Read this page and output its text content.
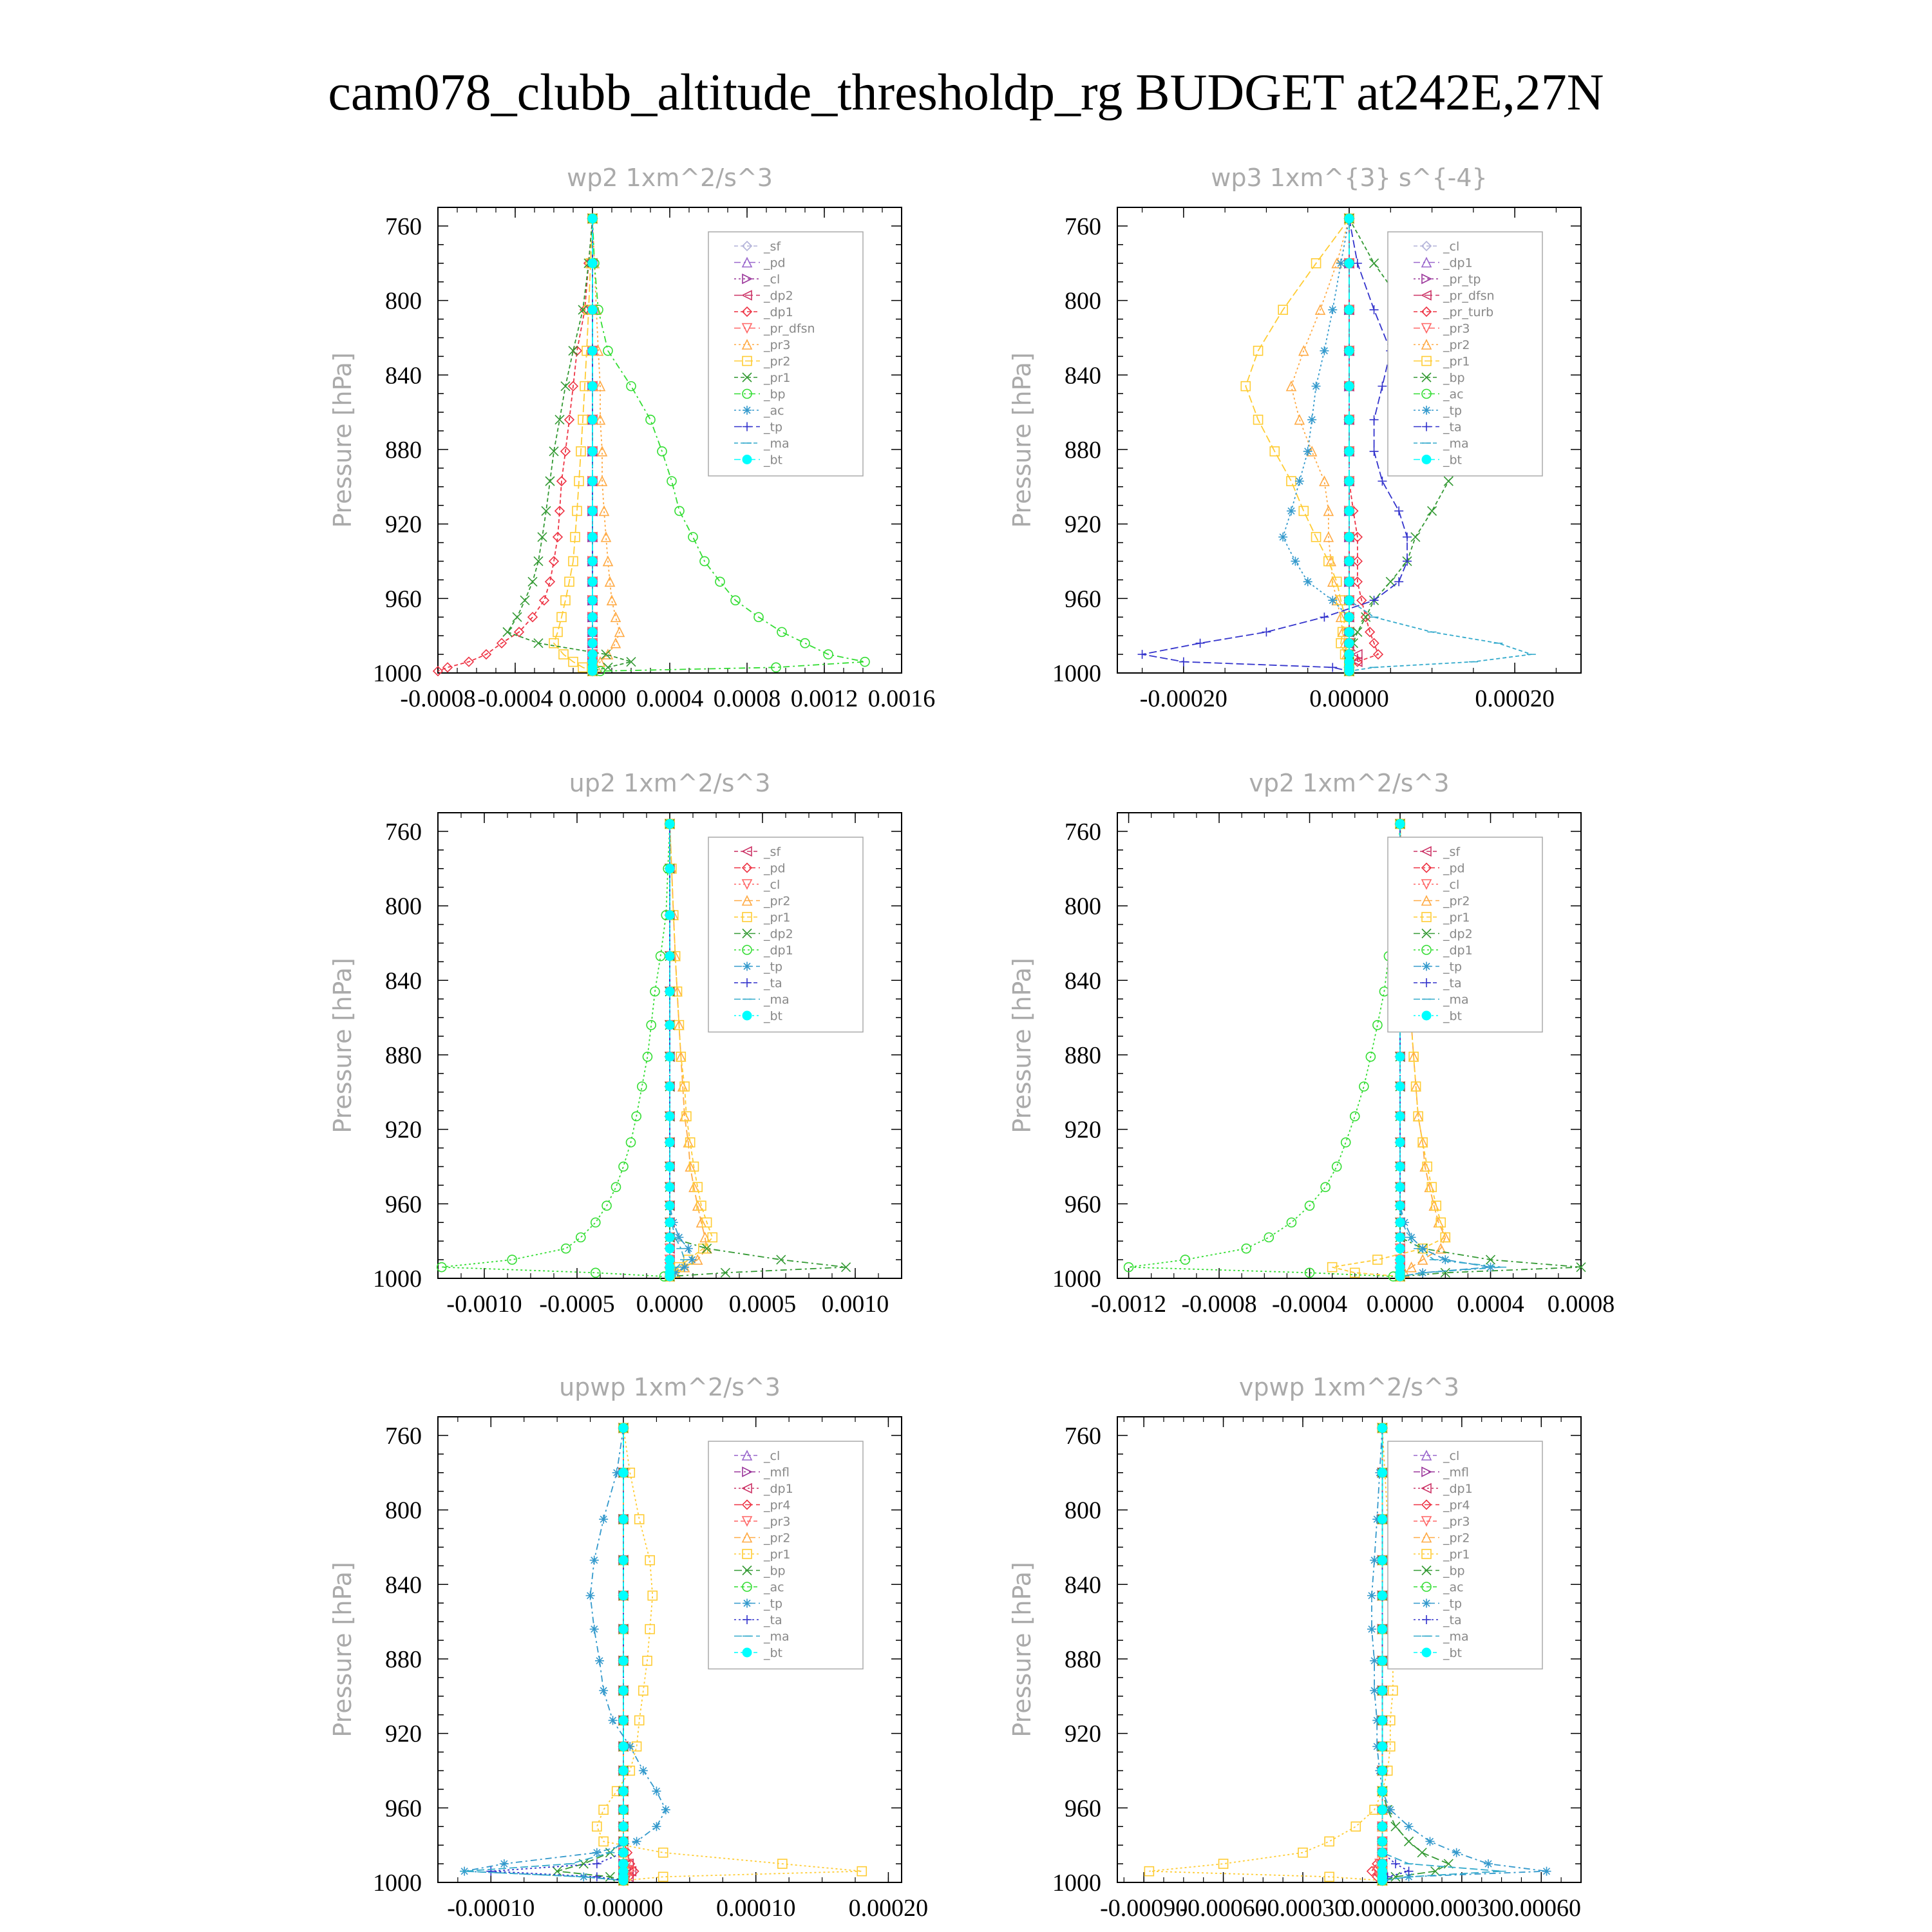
cam078_clubb_altitude_thresholdp_rg BUDGET at242E,27N
wp2 1xm^2/s^3
Pressure [hPa]
760
800
840
880
920
960
1000
-0.0008 -0.0004 0.0000 0.0004 0.0008 0.0012 0.0016
_sf
_pd
_cl
_dp2
_dp1
_pr_dfsn
_pr3
_pr2
_pr1
_bp
_ac
_tp
_ma
_bt
wp3 1xm^{3} s^{-4}
Pressure [hPa]
760
800
840
880
920
960
1000
-0.00020	0.00000	0.00020
_cl
_dp1
_pr_tp
_pr_dfsn
_pr_turb
_pr3
_pr2
_pr1
_bp
_ac
_tp
_ta
_ma
_bt
up2 1xm^2/s^3
Pressure [hPa]
760
800
840
880
920
960
1000
-0.0010 -0.0005 0.0000 0.0005 0.0010
_sf
_pd
_cl
_pr2
_pr1
_dp2
_dp1
_tp
_ta
_ma
_bt
vp2 1xm^2/s^3
Pressure [hPa]
760
800
840
880
920
960
1000
-0.0012 -0.0008 -0.0004 0.0000 0.0004 0.0008
_sf
_pd
_cl
_pr2
_pr1
_dp2
_dp1
_tp
_ta
_ma
_bt
upwp 1xm^2/s^3
Pressure [hPa]
760
800
840
880
920
960
1000
-0.00010 0.00000 0.00010 0.00020
_cl
_mfl
_dp1
_pr4
_pr3
_pr2
_pr1
_bp
_ac
_tp
_ta
_ma
_bt
vpwp 1xm^2/s^3
Pressure [hPa]
760
800
840
880
920
960
1000
-0.00090
-0.00060
-0.00030
0.00000 0.00030 0.00060
_cl
_mfl
_dp1
_pr4
_pr3
_pr2
_pr1
_bp
_ac
_tp
_ta
_ma
_bt
